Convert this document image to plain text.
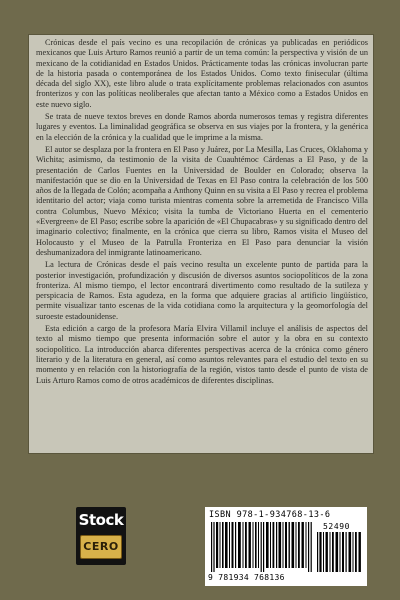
Crónicas desde el país vecino es una recopilación de crónicas ya publicadas en periódicos mexicanos que Luis Arturo Ramos reunió a partir de un tema común: la perspectiva y visión de un mexicano de la cotidianidad en Estados Unidos. Prácticamente todas las crónicas involucran parte de la historia pasada o contemporánea de los Estados Unidos. Como texto finisecular (última década del siglo XX), este libro alude o trata explícitamente problemas relacionados con asuntos fronterizos y con las políticas neoliberales que afectan tanto a México como a Estados Unidos en este nuevo siglo.

Se trata de nueve textos breves en donde Ramos aborda numerosos temas y registra diferentes lugares y eventos. La liminalidad geográfica se observa en sus viajes por la frontera, y la genérica en la elección de la crónica y la cualidad que le imprime a la misma.

El autor se desplaza por la frontera en El Paso y Juárez, por La Mesilla, Las Cruces, Oklahoma y Wichita; asimismo, da testimonio de la visita de Cuauhtémoc Cárdenas a El Paso, y de la presentación de Carlos Fuentes en la Universidad de Boulder en Colorado; observa la manifestación que se dio en la Universidad de Texas en El Paso contra la celebración de los 500 años de la llegada de Colón; acompaña a Anthony Quinn en su visita a El Paso y recrea el problema identitario del actor; viaja como turista mientras comenta sobre la arremetida de Francisco Villa contra Columbus, Nuevo México; visita la tumba de Victoriano Huerta en el cementerio «Evergreen» de El Paso; escribe sobre la aparición de «El Chupacabras» y su significado dentro del imaginario colectivo; finalmente, en la crónica que cierra su libro, Ramos visita el Museo del Holocausto y el Museo de la Patrulla Fronteriza en El Paso para denunciar la visión deshumanizadora del inmigrante latinoamericano.

La lectura de Crónicas desde el país vecino resulta un excelente punto de partida para la posterior investigación, profundización y discusión de diversos asuntos sociopolíticos de la zona fronteriza. Al mismo tiempo, el lector encontrará divertimento como resultado de la sutileza y perspicacia de Ramos. Esta agudeza, en la forma que adquiere gracias al artificio lingüístico, permite visualizar tanto escenas de la vida cotidiana como la arquitectura y la geomorfología del suroeste estadounidense.

Esta edición a cargo de la profesora María Elvira Villamil incluye el análisis de aspectos del texto al mismo tiempo que presenta información sobre el autor y la obra en su contexto sociopolítico. La introducción abarca diferentes perspectivas acerca de la crónica como género literario y de la literatura en general, así como asuntos relevantes para el estudio del texto en su momento y en relación con la historiografía de la región, vistos tanto desde el punto de vista de Luis Arturo Ramos como de otros académicos de diferentes disciplinas.

Stock
CERO
ISBN 978-1-934768-13-6
52490
9 781934 768136
